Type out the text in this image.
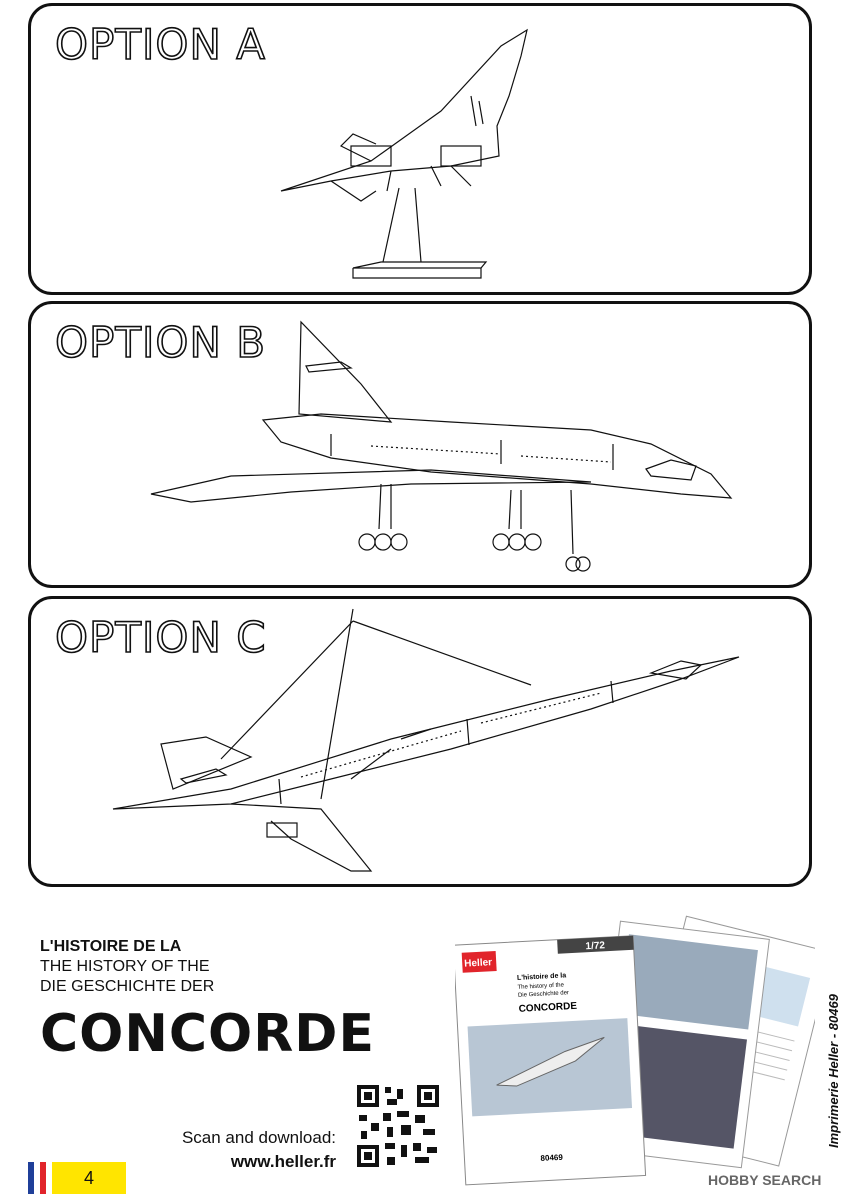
OPTION A
OPTION B
OPTION C
L'HISTOIRE DE LA
THE HISTORY OF THE
DIE GESCHICHTE DER
CONCORDE
Scan and download:
www.heller.fr
1/72
Heller
L'histoire de la
The history of the
Die Geschichte der
CONCORDE
80469
Imprimerie Heller - 80469
4	HOBBY SEARCH
